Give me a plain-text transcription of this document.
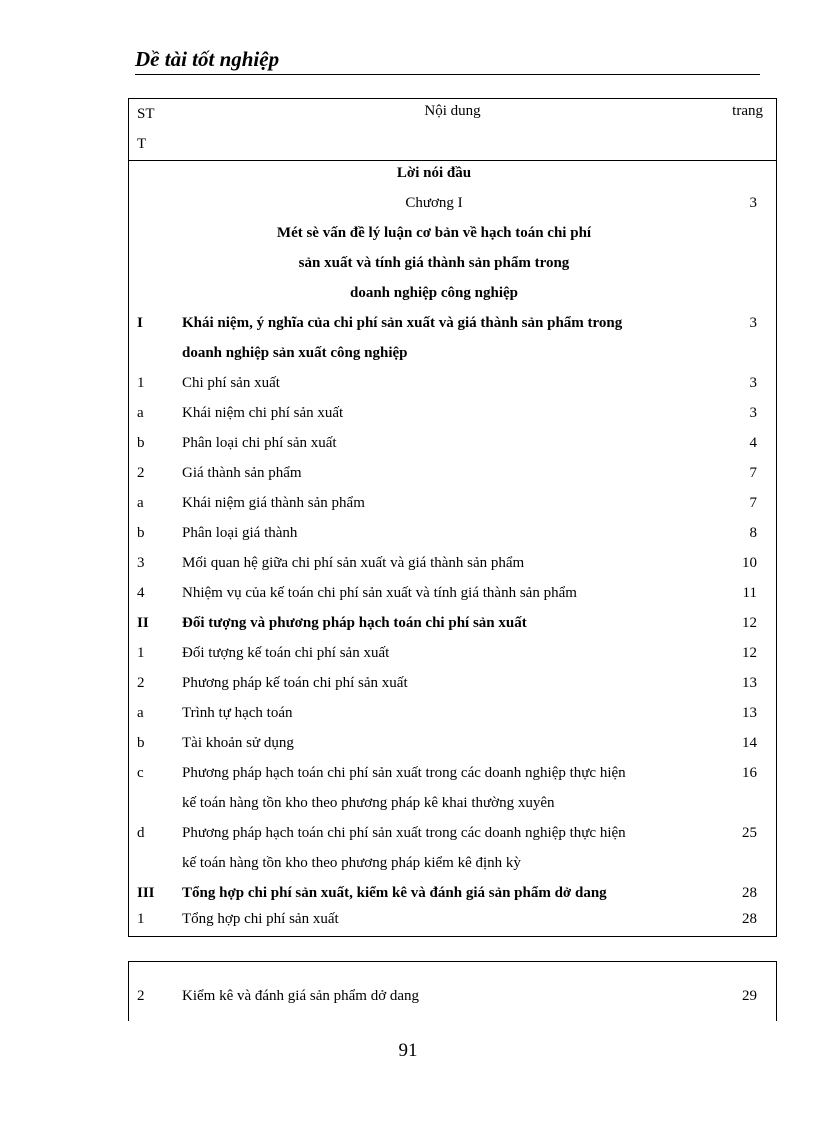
Dề tài tốt nghiệp
ST
T
Nội dung	trang
Lời nói đầu
Chương I	3
Mét sè vấn đề lý luận cơ bản về hạch toán chi phí
sản xuất và tính giá thành sản phẩm trong
doanh nghiệp công nghiệp
I	Khái niệm, ý nghĩa của chi phí sản xuất và giá thành sản phẩm trong	3
doanh nghiệp sản xuất công nghiệp
1	Chi phí sản xuất	3
a	Khái niệm chi phí sản xuất	3
b	Phân loại chi phí sản xuất	4
2	Giá thành sản phẩm	7
a	Khái niệm giá thành sản phẩm	7
b	Phân loại giá thành	8
3	Mối quan hệ giữa chi phí sản xuất và giá thành sản phẩm	10
4	Nhiệm vụ của kế toán chi phí sản xuất và tính giá thành sản phẩm	11
II Đối tượng và phương pháp hạch toán chi phí sản xuất	12
1	Đối tượng kế toán chi phí sản xuất	12
2	Phương pháp kế toán chi phí sản xuất	13
a	Trình tự hạch toán	13
b	Tài khoản sử dụng	14
c	Phương pháp hạch toán chi phí sản xuất trong các doanh nghiệp thực hiện	16
kế toán hàng tồn kho theo phương pháp kê khai thường xuyên
d	Phương pháp hạch toán chi phí sản xuất trong các doanh nghiệp thực hiện	25
kế toán hàng tồn kho theo phương pháp kiểm kê định kỳ
III Tổng hợp chi phí sản xuất, kiểm kê và đánh giá sản phẩm dở dang	28
1	Tổng hợp chi phí sản xuất	28
2	Kiểm kê và đánh giá sản phẩm dở dang	29
91
